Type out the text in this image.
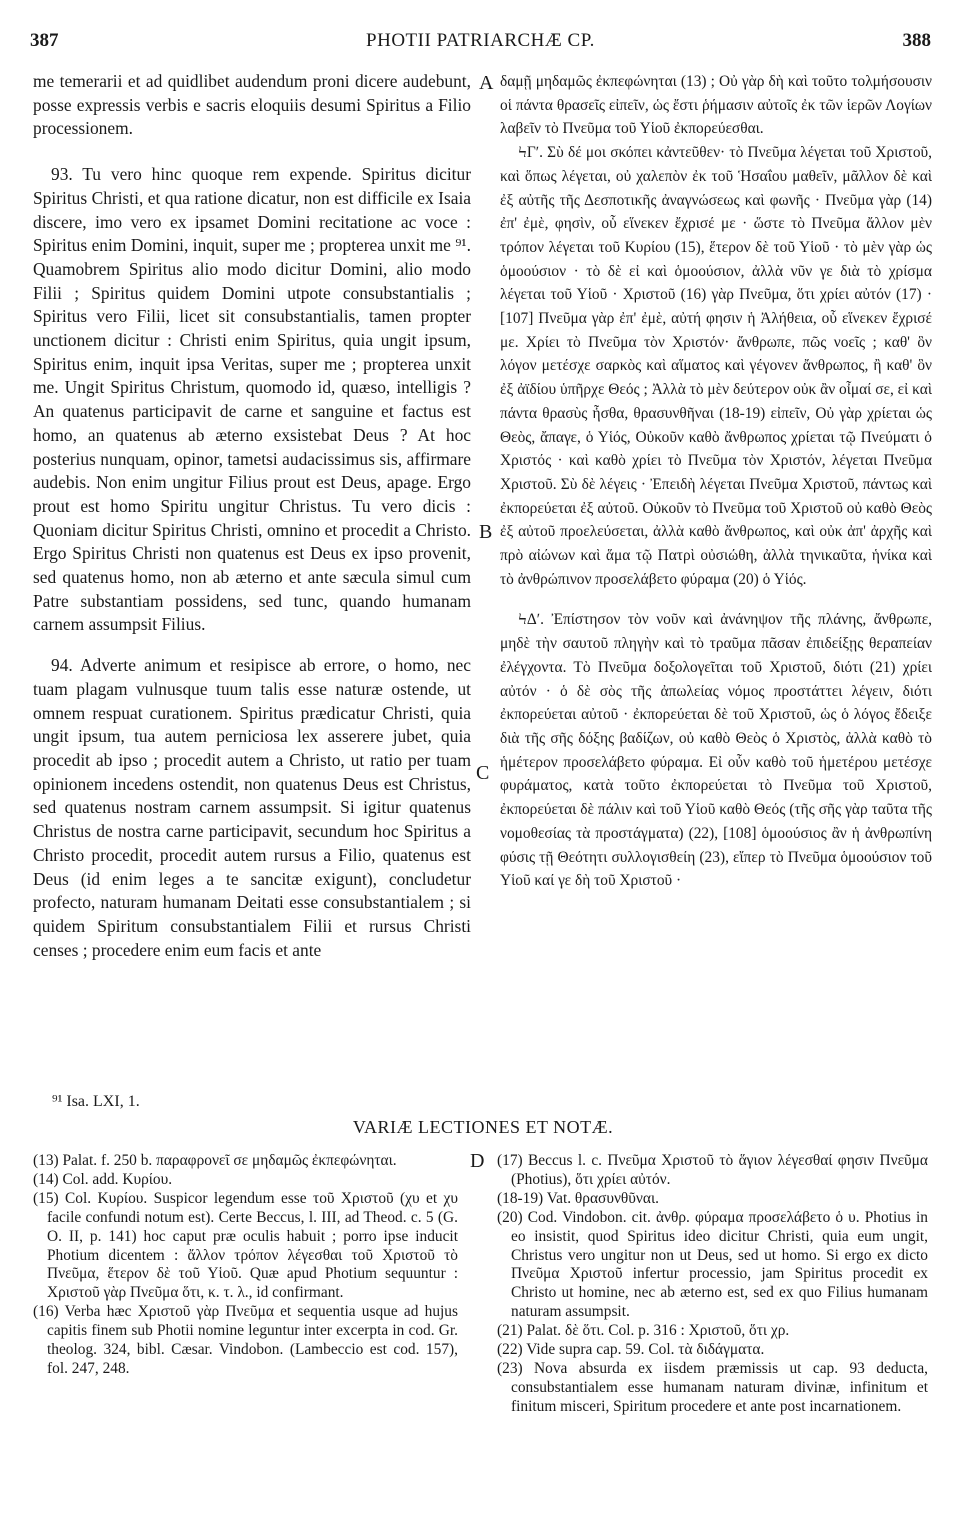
387	PHOTII PATRIARCHÆ CP.	388

me temerarii et ad quidlibet audendum proni dicere audebunt, posse expressis verbis e sacris eloquiis desumi Spiritus a Filio processionem.

93. Tu vero hinc quoque rem expende. Spiritus dicitur Spiritus Christi, et qua ratione dicatur, non est difficile ex Isaia discere, imo vero ex ipsamet Domini recitatione ac voce : Spiritus enim Domini, inquit, super me ; propterea unxit me ⁹¹. Quamobrem Spiritus alio modo dicitur Domini, alio modo Filii ; Spiritus quidem Domini utpote consubstantialis ; Spiritus vero Filii, licet sit consubstantialis, tamen propter unctionem dicitur : Christi enim Spiritus, quia ungit ipsum, Spiritus enim, inquit ipsa Veritas, super me ; propterea unxit me. Ungit Spiritus Christum, quomodo id, quæso, intelligis ? An quatenus participavit de carne et sanguine et factus est homo, an quatenus ab æterno exsistebat Deus ? At hoc posterius nunquam, opinor, tametsi audacissimus sis, affirmare audebis. Non enim ungitur Filius prout est Deus, apage. Ergo prout est homo Spiritu ungitur Christus. Tu vero dicis : Quoniam dicitur Spiritus Christi, omnino et procedit a Christo. Ergo Spiritus Christi non quatenus est Deus ex ipso provenit, sed quatenus homo, non ab æterno et ante sæcula simul cum Patre substantiam possidens, sed tunc, quando humanam carnem assumpsit Filius.

94. Adverte animum et resipisce ab errore, o homo, nec tuam plagam vulnusque tuum talis esse naturæ ostende, ut omnem respuat curationem. Spiritus prædicatur Christi, quia ungit ipsum, tua autem perniciosa lex asserere jubet, quia procedit ab ipso ; procedit autem a Christo, ut ratio per tuam opinionem incedens ostendit, non quatenus Deus est Christus, sed quatenus nostram carnem assumpsit. Si igitur quatenus Christus de nostra carne participavit, secundum hoc Spiritus a Christo procedit, procedit autem rursus a Filio, quatenus est Deus (id enim leges a te sancitæ exigunt), concludetur profecto, naturam humanam Deitati esse consubstantialem ; si quidem Spiritum consubstantialem Filii et rursus Christi censes ; procedere enim eum facis et ante

δαμῇ μηδαμῶς ἐκπεφώνηται (13) ; Οὐ γὰρ δὴ καὶ τοῦτο τολμήσουσιν οἱ πάντα θρασεῖς εἰπεῖν, ὡς ἔστι ῥήμασιν αὐτοῖς ἐκ τῶν ἱερῶν Λογίων λαβεῖν τὸ Πνεῦμα τοῦ Υἱοῦ ἐκπορεύεσθαι.

ϞΓʹ. Σὺ δέ μοι σκόπει κἀντεῦθεν· τὸ Πνεῦμα λέγεται τοῦ Χριστοῦ, καὶ ὅπως λέγεται, οὐ χαλεπὸν ἐκ τοῦ Ἡσαΐου μαθεῖν, μᾶλλον δὲ καὶ ἐξ αὐτῆς τῆς Δεσποτικῆς ἀναγνώσεως καὶ φωνῆς · Πνεῦμα γὰρ (14) ἐπ' ἐμὲ, φησὶν, οὗ εἵνεκεν ἔχρισέ με · ὥστε τὸ Πνεῦμα ἄλλον μὲν τρόπον λέγεται τοῦ Κυρίου (15), ἕτερον δὲ τοῦ Υἱοῦ · τὸ μὲν γὰρ ὡς ὁμοούσιον · τὸ δὲ εἰ καὶ ὁμοούσιον, ἀλλὰ νῦν γε διὰ τὸ χρίσμα λέγεται τοῦ Υἱοῦ · Χριστοῦ (16) γὰρ Πνεῦμα, ὅτι χρίει αὐτόν (17) · [107] Πνεῦμα γὰρ ἐπ' ἐμὲ, αὐτή φησιν ἡ Ἀλήθεια, οὗ εἵνεκεν ἔχρισέ με. Χρίει τὸ Πνεῦμα τὸν Χριστόν· ἄνθρωπε, πῶς νοεῖς ; καθ' ὃν λόγον μετέσχε σαρκὸς καὶ αἵματος καὶ γέγονεν ἄνθρωπος, ἢ καθ' ὃν ἐξ ἀϊδίου ὑπῆρχε Θεός ; Ἀλλὰ τὸ μὲν δεύτερον οὐκ ἂν οἶμαί σε, εἰ καὶ πάντα θρασὺς ἦσθα, θρασυνθῆναι (18-19) εἰπεῖν, Οὐ γὰρ χρίεται ὡς Θεὸς, ἄπαγε, ὁ Υἱός, Οὐκοῦν καθὸ ἄνθρωπος χρίεται τῷ Πνεύματι ὁ Χριστός · καὶ καθὸ χρίει τὸ Πνεῦμα τὸν Χριστόν, λέγεται Πνεῦμα Χριστοῦ. Σὺ δὲ λέγεις · Ἐπειδὴ λέγεται Πνεῦμα Χριστοῦ, πάντως καὶ ἐκπορεύεται ἐξ αὐτοῦ. Οὐκοῦν τὸ Πνεῦμα τοῦ Χριστοῦ οὐ καθὸ Θεὸς ἐξ αὐτοῦ προελεύσεται, ἀλλὰ καθὸ ἄνθρωπος, καὶ οὐκ ἀπ' ἀρχῆς καὶ πρὸ αἰώνων καὶ ἅμα τῷ Πατρὶ οὐσιώθη, ἀλλὰ τηνικαῦτα, ἡνίκα καὶ τὸ ἀνθρώπινον προσελάβετο φύραμα (20) ὁ Υἱός.

ϞΔʹ. Ἐπίστησον τὸν νοῦν καὶ ἀνάνηψον τῆς πλάνης, ἄνθρωπε, μηδὲ τὴν σαυτοῦ πληγὴν καὶ τὸ τραῦμα πᾶσαν ἐπιδείξῃς θεραπείαν ἐλέγχοντα. Τὸ Πνεῦμα δοξολογεῖται τοῦ Χριστοῦ, διότι (21) χρίει αὐτόν · ὁ δὲ σὸς τῆς ἀπωλείας νόμος προστάττει λέγειν, διότι ἐκπορεύεται αὐτοῦ · ἐκπορεύεται δὲ τοῦ Χριστοῦ, ὡς ὁ λόγος ἔδειξε διὰ τῆς σῆς δόξης βαδίζων, οὐ καθὸ Θεὸς ὁ Χριστὸς, ἀλλὰ καθὸ τὸ ἡμέτερον προσελάβετο φύραμα. Εἰ οὖν καθὸ τοῦ ἡμετέρου μετέσχε φυράματος, κατὰ τοῦτο ἐκπορεύεται τὸ Πνεῦμα τοῦ Χριστοῦ, ἐκπορεύεται δὲ πάλιν καὶ τοῦ Υἱοῦ καθὸ Θεός (τῆς σῆς γὰρ ταῦτα τῆς νομοθεσίας τὰ προστάγματα) (22), [108] ὁμοούσιος ἂν ἡ ἀνθρωπίνη φύσις τῇ Θεότητι συλλογισθείη (23), εἴπερ τὸ Πνεῦμα ὁμοούσιον τοῦ Υἱοῦ καί γε δὴ τοῦ Χριστοῦ ·

A
B
C
D
⁹¹ Isa. LXI, 1.
VARIÆ LECTIONES ET NOTÆ.

(13) Palat. f. 250 b. παραφρονεῖ σε μηδαμῶς ἐκπεφώνηται.

(14) Col. add. Κυρίου.

(15) Col. Κυρίου. Suspicor legendum esse τοῦ Χριστοῦ (χυ et χυ facile confundi notum est). Certe Beccus, l. III, ad Theod. c. 5 (G. O. II, p. 141) hoc caput præ oculis habuit ; porro ipse inducit Photium dicentem : ἄλλον τρόπον λέγεσθαι τοῦ Χριστοῦ τὸ Πνεῦμα, ἕτερον δὲ τοῦ Υἱοῦ. Quæ apud Photium sequuntur : Χριστοῦ γὰρ Πνεῦμα ὅτι, κ. τ. λ., id confirmant.

(16) Verba hæc Χριστοῦ γὰρ Πνεῦμα et sequentia usque ad hujus capitis finem sub Photii nomine leguntur inter excerpta in cod. Gr. theolog. 324, bibl. Cæsar. Vindobon. (Lambeccio est cod. 157), fol. 247, 248.

(17) Beccus l. c. Πνεῦμα Χριστοῦ τὸ ἅγιον λέγεσθαί φησιν Πνεῦμα (Photius), ὅτι χρίει αὐτόν.

(18-19) Vat. θρασυνθῦναι.

(20) Cod. Vindobon. cit. ἀνθρ. φύραμα προσελάβετο ὁ υ. Photius in eo insistit, quod Spiritus ideo dicitur Christi, quia eum ungit, Christus vero ungitur non ut Deus, sed ut homo. Si ergo ex dicto Πνεῦμα Χριστοῦ infertur processio, jam Spiritus procedit ex Christo ut homine, nec ab æterno est, sed ex quo Filius humanam naturam assumpsit.

(21) Palat. δὲ ὅτι. Col. p. 316 : Χριστοῦ, ὅτι χρ.

(22) Vide supra cap. 59. Col. τὰ διδάγματα.

(23) Nova absurda ex iisdem præmissis ut cap. 93 deducta, consubstantialem esse humanam naturam divinæ, infinitum et finitum misceri, Spiritum procedere et ante post incarnationem.
